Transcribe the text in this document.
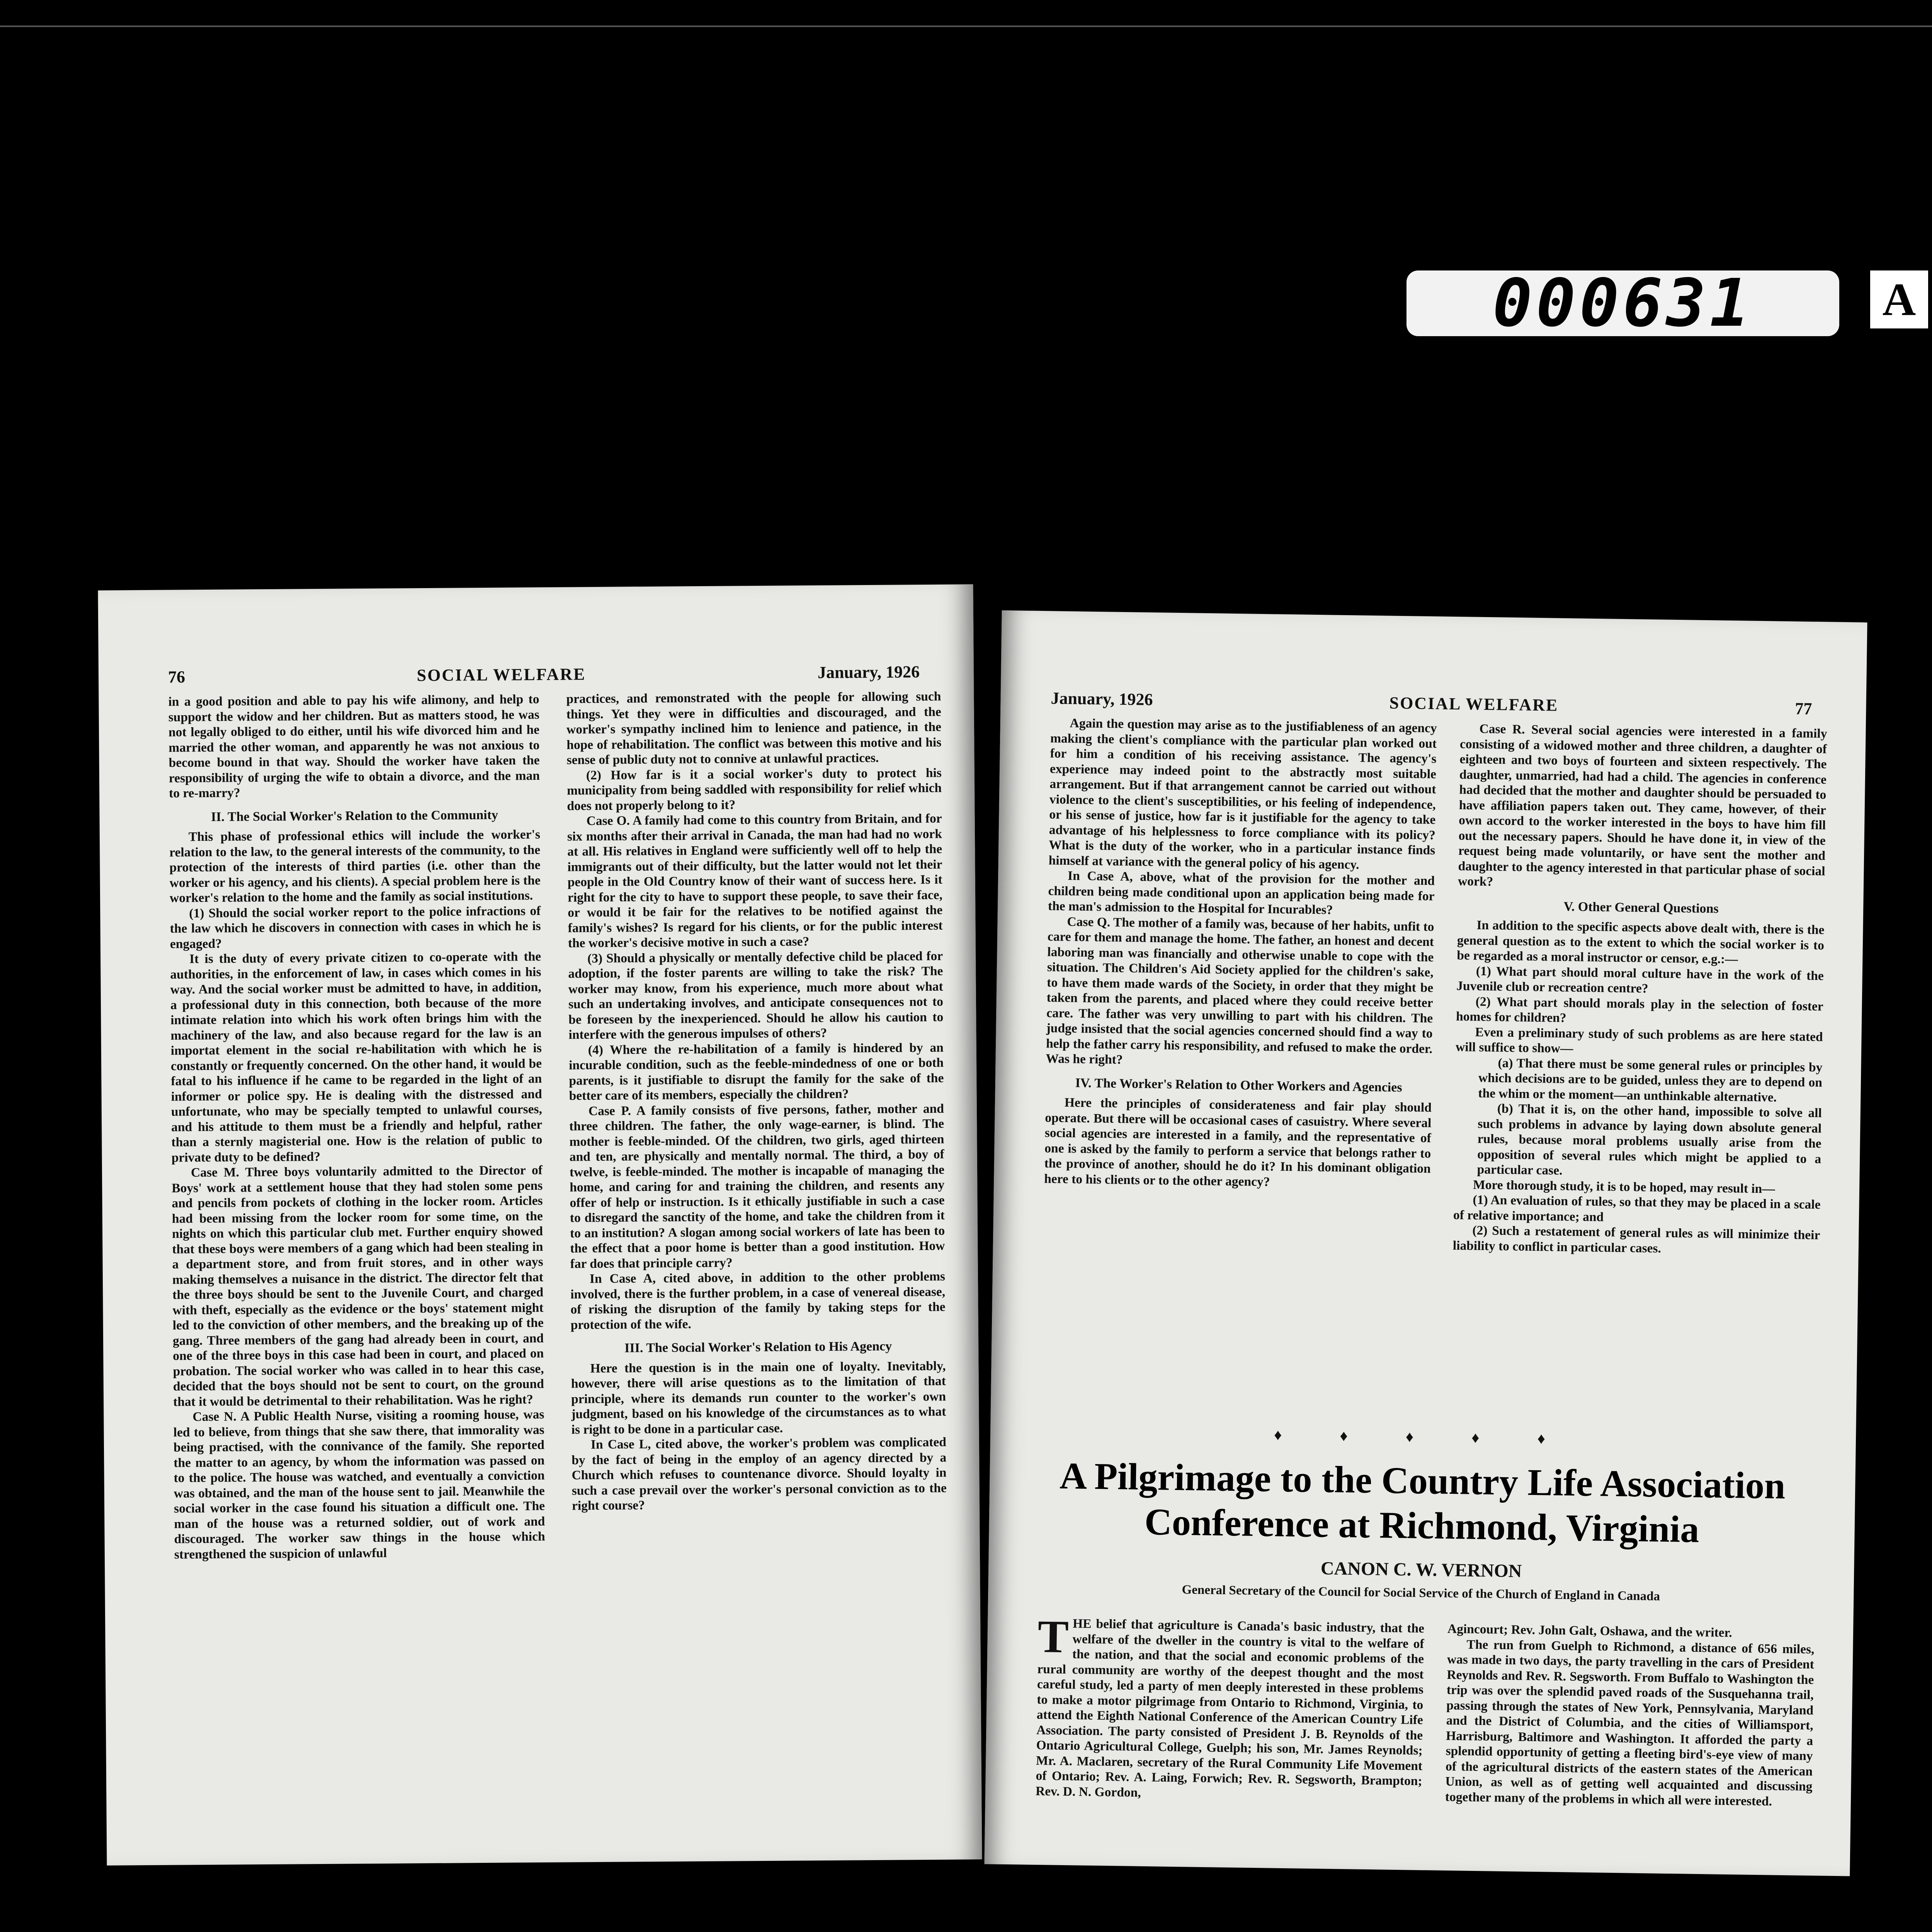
000631	A
76	SOCIAL WELFARE	January, 1926

in a good position and able to pay his wife alimony, and help to support the widow and her children. But as matters stood, he was not legally obliged to do either, until his wife divorced him and he married the other woman, and apparently he was not anxious to become bound in that way. Should the worker have taken the responsibility of urging the wife to obtain a divorce, and the man to re-marry?

II. The Social Worker's Relation to the Community

This phase of professional ethics will include the worker's relation to the law, to the general interests of the community, to the protection of the interests of third parties (i.e. other than the worker or his agency, and his clients). A special problem here is the worker's relation to the home and the family as social institutions.

(1) Should the social worker report to the police infractions of the law which he discovers in connection with cases in which he is engaged?

It is the duty of every private citizen to co-operate with the authorities, in the enforcement of law, in cases which comes in his way. And the social worker must be admitted to have, in addition, a professional duty in this connection, both because of the more intimate relation into which his work often brings him with the machinery of the law, and also because regard for the law is an importat element in the social re-habilitation with which he is constantly or frequently concerned. On the other hand, it would be fatal to his influence if he came to be regarded in the light of an informer or police spy. He is dealing with the distressed and unfortunate, who may be specially tempted to unlawful courses, and his attitude to them must be a friendly and helpful, rather than a sternly magisterial one. How is the relation of public to private duty to be defined?

Case M. Three boys voluntarily admitted to the Director of Boys' work at a settlement house that they had stolen some pens and pencils from pockets of clothing in the locker room. Articles had been missing from the locker room for some time, on the nights on which this particular club met. Further enquiry showed that these boys were members of a gang which had been stealing in a department store, and from fruit stores, and in other ways making themselves a nuisance in the district. The director felt that the three boys should be sent to the Juvenile Court, and charged with theft, especially as the evidence or the boys' statement might led to the conviction of other members, and the breaking up of the gang. Three members of the gang had already been in court, and one of the three boys in this case had been in court, and placed on probation. The social worker who was called in to hear this case, decided that the boys should not be sent to court, on the ground that it would be detrimental to their rehabilitation. Was he right?

Case N. A Public Health Nurse, visiting a rooming house, was led to believe, from things that she saw there, that immorality was being practised, with the connivance of the family. She reported the matter to an agency, by whom the information was passed on to the police. The house was watched, and eventually a conviction was obtained, and the man of the house sent to jail. Meanwhile the social worker in the case found his situation a difficult one. The man of the house was a returned soldier, out of work and discouraged. The worker saw things in the house which strengthened the suspicion of unlawful

practices, and remonstrated with the people for allowing such things. Yet they were in difficulties and discouraged, and the worker's sympathy inclined him to lenience and patience, in the hope of rehabilitation. The conflict was between this motive and his sense of public duty not to connive at unlawful practices.

(2) How far is it a social worker's duty to protect his municipality from being saddled with responsibility for relief which does not properly belong to it?

Case O. A family had come to this country from Britain, and for six months after their arrival in Canada, the man had had no work at all. His relatives in England were sufficiently well off to help the immigrants out of their difficulty, but the latter would not let their people in the Old Country know of their want of success here. Is it right for the city to have to support these people, to save their face, or would it be fair for the relatives to be notified against the family's wishes? Is regard for his clients, or for the public interest the worker's decisive motive in such a case?

(3) Should a physically or mentally defective child be placed for adoption, if the foster parents are willing to take the risk? The worker may know, from his experience, much more about what such an undertaking involves, and anticipate consequences not to be foreseen by the inexperienced. Should he allow his caution to interfere with the generous impulses of others?

(4) Where the re-habilitation of a family is hindered by an incurable condition, such as the feeble-mindedness of one or both parents, is it justifiable to disrupt the family for the sake of the better care of its members, especially the children?

Case P. A family consists of five persons, father, mother and three children. The father, the only wage-earner, is blind. The mother is feeble-minded. Of the children, two girls, aged thirteen and ten, are physically and mentally normal. The third, a boy of twelve, is feeble-minded. The mother is incapable of managing the home, and caring for and training the children, and resents any offer of help or instruction. Is it ethically justifiable in such a case to disregard the sanctity of the home, and take the children from it to an institution? A slogan among social workers of late has been to the effect that a poor home is better than a good institution. How far does that principle carry?

In Case A, cited above, in addition to the other problems involved, there is the further problem, in a case of venereal disease, of risking the disruption of the family by taking steps for the protection of the wife.

III. The Social Worker's Relation to His Agency

Here the question is in the main one of loyalty. Inevitably, however, there will arise questions as to the limitation of that principle, where its demands run counter to the worker's own judgment, based on his knowledge of the circumstances as to what is right to be done in a particular case.

In Case L, cited above, the worker's problem was complicated by the fact of being in the employ of an agency directed by a Church which refuses to countenance divorce. Should loyalty in such a case prevail over the worker's personal conviction as to the right course?

January, 1926	SOCIAL WELFARE	77

Again the question may arise as to the justifiableness of an agency making the client's compliance with the particular plan worked out for him a condition of his receiving assistance. The agency's experience may indeed point to the abstractly most suitable arrangement. But if that arrangement cannot be carried out without violence to the client's susceptibilities, or his feeling of independence, or his sense of justice, how far is it justifiable for the agency to take advantage of his helplessness to force compliance with its policy? What is the duty of the worker, who in a particular instance finds himself at variance with the general policy of his agency.

In Case A, above, what of the provision for the mother and children being made conditional upon an application being made for the man's admission to the Hospital for Incurables?

Case Q. The mother of a family was, because of her habits, unfit to care for them and manage the home. The father, an honest and decent laboring man was financially and otherwise unable to cope with the situation. The Children's Aid Society applied for the children's sake, to have them made wards of the Society, in order that they might be taken from the parents, and placed where they could receive better care. The father was very unwilling to part with his children. The judge insisted that the social agencies concerned should find a way to help the father carry his responsibility, and refused to make the order. Was he right?

IV. The Worker's Relation to Other Workers and Agencies

Here the principles of considerateness and fair play should operate. But there will be occasional cases of casuistry. Where several social agencies are interested in a family, and the representative of one is asked by the family to perform a service that belongs rather to the province of another, should he do it? In his dominant obligation here to his clients or to the other agency?

Case R. Several social agencies were interested in a family consisting of a widowed mother and three children, a daughter of eighteen and two boys of fourteen and sixteen respectively. The daughter, unmarried, had had a child. The agencies in conference had decided that the mother and daughter should be persuaded to have affiliation papers taken out. They came, however, of their own accord to the worker interested in the boys to have him fill out the necessary papers. Should he have done it, in view of the request being made voluntarily, or have sent the mother and daughter to the agency interested in that particular phase of social work?

V. Other General Questions

In addition to the specific aspects above dealt with, there is the general question as to the extent to which the social worker is to be regarded as a moral instructor or censor, e.g.:—

(1) What part should moral culture have in the work of the Juvenile club or recreation centre?

(2) What part should morals play in the selection of foster homes for children?

Even a preliminary study of such problems as are here stated will suffice to show—

(a) That there must be some general rules or principles by which decisions are to be guided, unless they are to depend on the whim or the moment—an unthinkable alternative.

(b) That it is, on the other hand, impossible to solve all such problems in advance by laying down absolute general rules, because moral problems usually arise from the opposition of several rules which might be applied to a particular case.

More thorough study, it is to be hoped, may result in—

(1) An evaluation of rules, so that they may be placed in a scale of relative importance; and

(2) Such a restatement of general rules as will minimize their liability to conflict in particular cases.

♦ ♦ ♦ ♦ ♦
A Pilgrimage to the Country Life Association
Conference at Richmond, Virginia
CANON C. W. VERNON
General Secretary of the Council for Social Service of the Church of England in Canada

THE belief that agriculture is Canada's basic industry, that the welfare of the dweller in the country is vital to the welfare of the nation, and that the social and economic problems of the rural community are worthy of the deepest thought and the most careful study, led a party of men deeply interested in these problems to make a motor pilgrimage from Ontario to Richmond, Virginia, to attend the Eighth National Conference of the American Country Life Association. The party consisted of President J. B. Reynolds of the Ontario Agricultural College, Guelph; his son, Mr. James Reynolds; Mr. A. Maclaren, secretary of the Rural Community Life Movement of Ontario; Rev. A. Laing, Forwich; Rev. R. Segsworth, Brampton; Rev. D. N. Gordon,

Agincourt; Rev. John Galt, Oshawa, and the writer.

The run from Guelph to Richmond, a distance of 656 miles, was made in two days, the party travelling in the cars of President Reynolds and Rev. R. Segsworth. From Buffalo to Washington the trip was over the splendid paved roads of the Susquehanna trail, passing through the states of New York, Pennsylvania, Maryland and the District of Columbia, and the cities of Williamsport, Harrisburg, Baltimore and Washington. It afforded the party a splendid opportunity of getting a fleeting bird's-eye view of many of the agricultural districts of the eastern states of the American Union, as well as of getting well acquainted and discussing together many of the problems in which all were interested.
